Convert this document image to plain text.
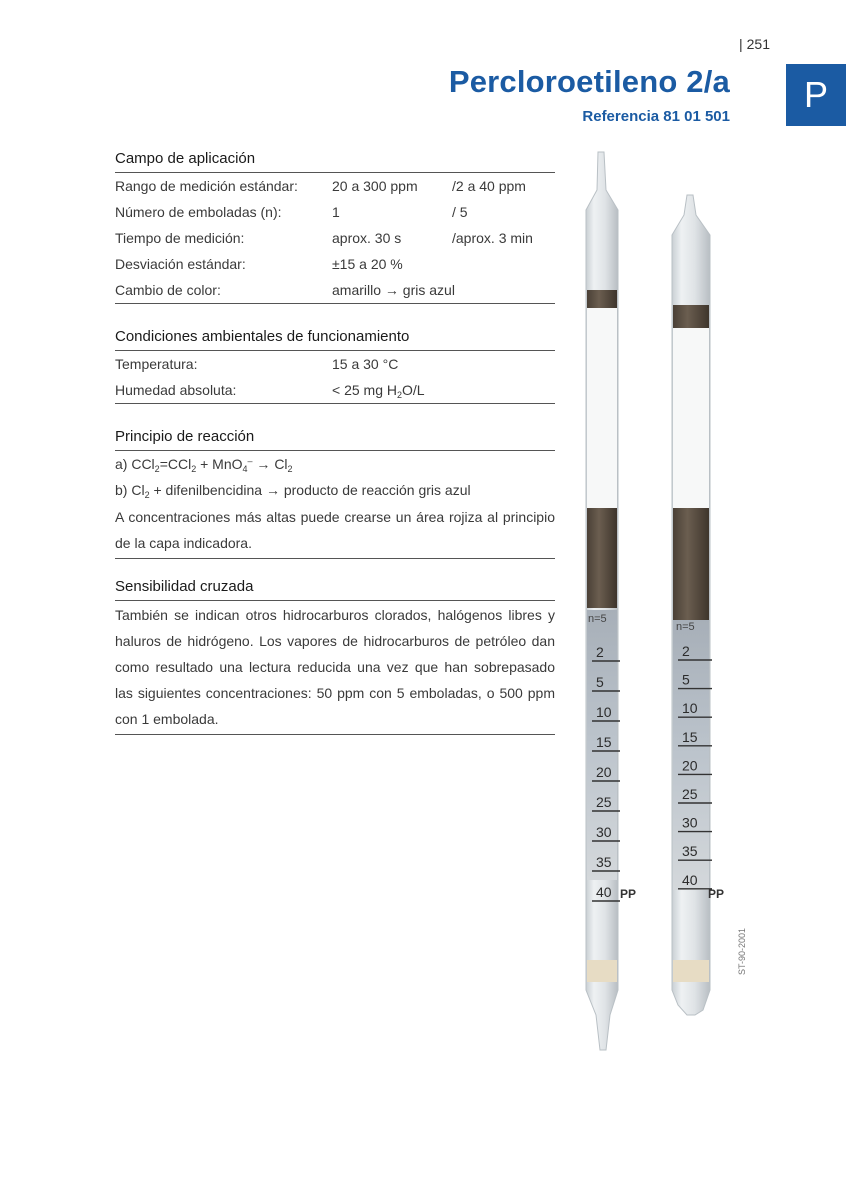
| 251
Percloroetileno 2/a
Referencia 81 01 501
P
Campo de aplicación
Rango de medición estándar: 20 a 300 ppm /2 a 40 ppm
Número de emboladas (n):	1	/ 5
Tiempo de medición:	aprox. 30 s	/aprox. 3 min
Desviación estándar:	±15 a 20 %
Cambio de color:	amarillo → gris azul
Condiciones ambientales de funcionamiento
Temperatura:	15 a 30 °C
Humedad absoluta:	< 25 mg $H_2O/L$
Principio de reacción
a) $CCl_2=CCl_2 + MnO_4^- \to Cl_2$
b) $Cl_2$ + difenilbencidina → producto de reacción gris azul
A concentraciones más altas puede crearse un área rojiza al principio de la capa indicadora.
Sensibilidad cruzada
También se indican otros hidrocarburos clorados, halógenos libres y haluros de hidrógeno. Los vapores de hidrocarburos de petróleo dan como resultado una lectura reducida una vez que han sobrepasado las siguientes concentraciones: 50 ppm con 5 emboladas, o 500 ppm con 1 embolada.
2
5
10
15
20
25
30
35
40
2
5
10
15
20
25
30
35
40
PP	PP
n=5
n=5
ST-90-2001
